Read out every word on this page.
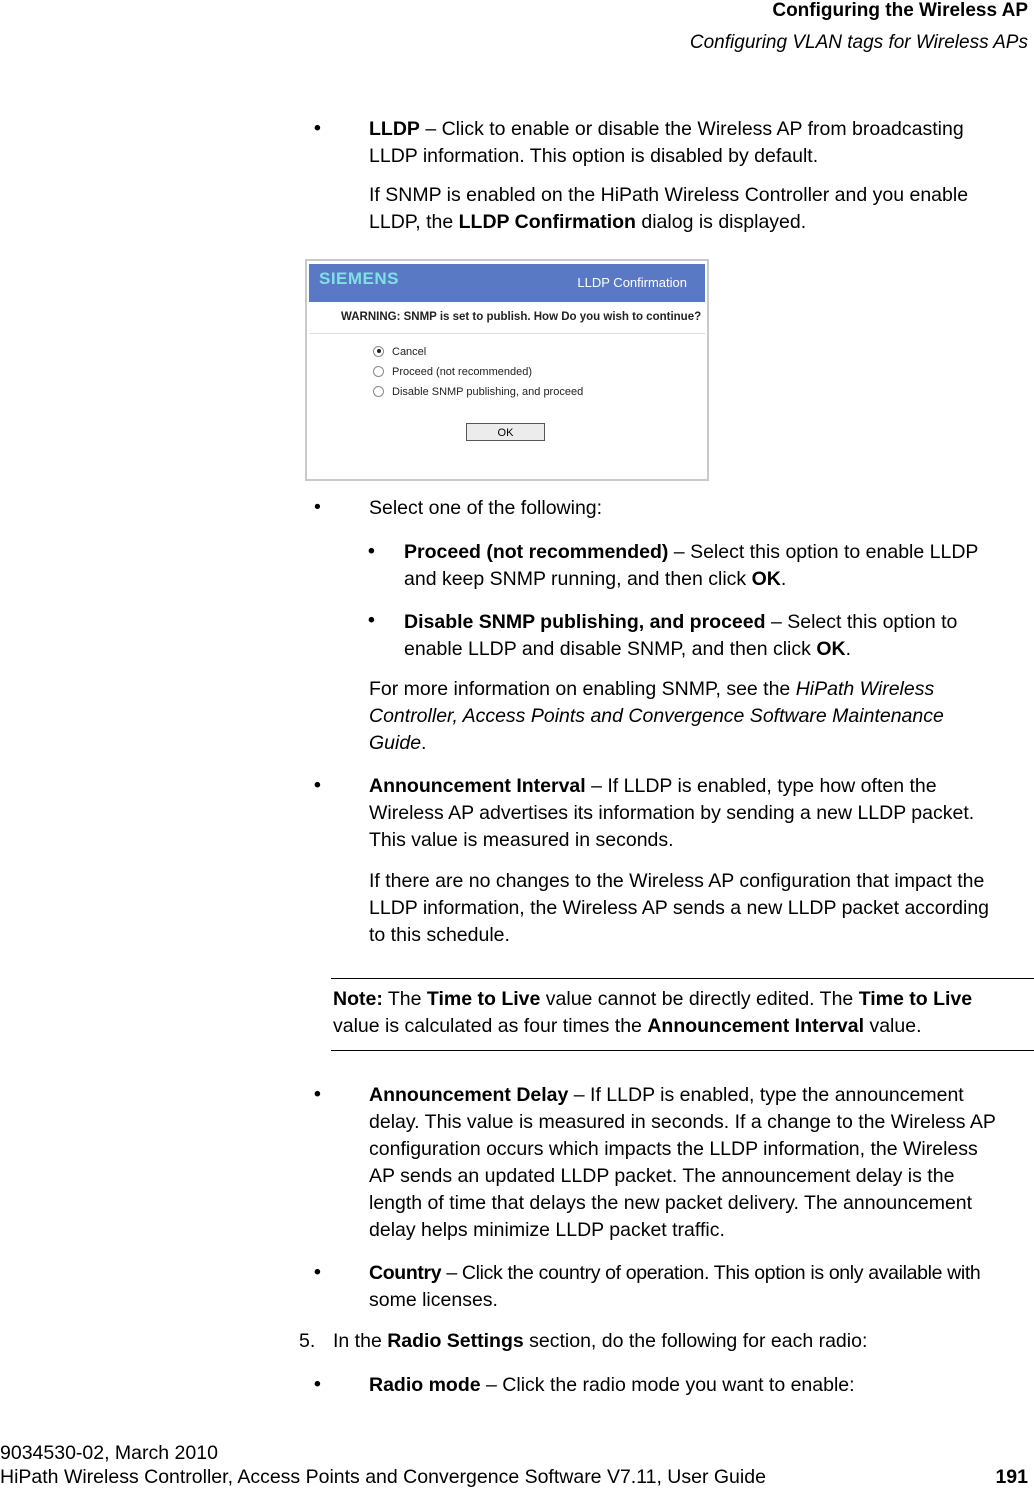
Configuring the Wireless AP
Configuring VLAN tags for Wireless APs
• LLDP – Click to enable or disable the Wireless AP from broadcasting
LLDP information. This option is disabled by default.
If SNMP is enabled on the HiPath Wireless Controller and you enable
LLDP, the LLDP Confirmation dialog is displayed.
SIEMENS	LLDP Confirmation
WARNING: SNMP is set to publish. How Do you wish to continue?
Cancel
Proceed (not recommended)
Disable SNMP publishing, and proceed
OK
• Select one of the following:
• Proceed (not recommended) – Select this option to enable LLDP
and keep SNMP running, and then click OK.
• Disable SNMP publishing, and proceed – Select this option to
enable LLDP and disable SNMP, and then click OK.
For more information on enabling SNMP, see the HiPath Wireless
Controller, Access Points and Convergence Software Maintenance
Guide.
• Announcement Interval – If LLDP is enabled, type how often the
Wireless AP advertises its information by sending a new LLDP packet.
This value is measured in seconds.
If there are no changes to the Wireless AP configuration that impact the
LLDP information, the Wireless AP sends a new LLDP packet according
to this schedule.
Note: The Time to Live value cannot be directly edited. The Time to Live
value is calculated as four times the Announcement Interval value.
• Announcement Delay – If LLDP is enabled, type the announcement
delay. This value is measured in seconds. If a change to the Wireless AP
configuration occurs which impacts the LLDP information, the Wireless
AP sends an updated LLDP packet. The announcement delay is the
length of time that delays the new packet delivery. The announcement
delay helps minimize LLDP packet traffic.
• Country – Click the country of operation. This option is only available with
some licenses.
5. In the Radio Settings section, do the following for each radio:
• Radio mode – Click the radio mode you want to enable:
9034530-02, March 2010
HiPath Wireless Controller, Access Points and Convergence Software V7.11, User Guide	191
